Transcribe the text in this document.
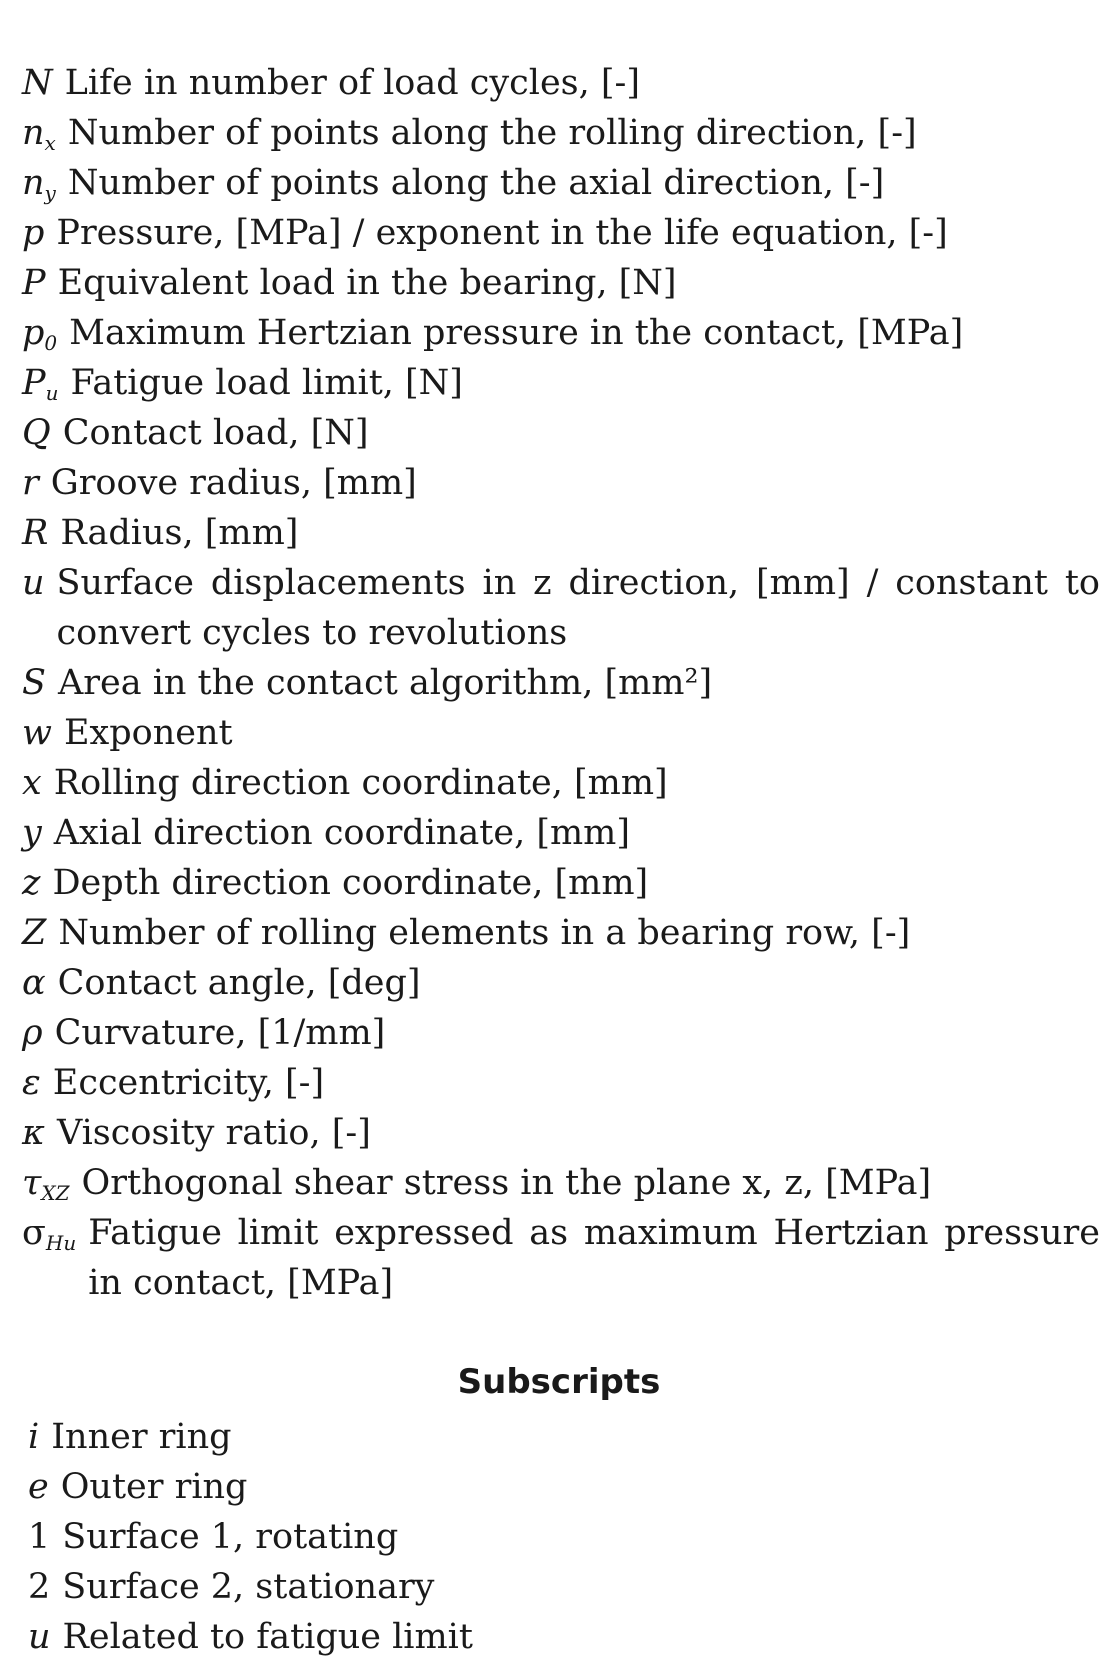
N Life in number of load cycles, [-]
$n_x$ Number of points along the rolling direction, [-]
$n_y$ Number of points along the axial direction, [-]
p Pressure, [MPa] / exponent in the life equation, [-]
P Equivalent load in the bearing, [N]
$p_0$ Maximum Hertzian pressure in the contact, [MPa]
$P_u$ Fatigue load limit, [N]
Q Contact load, [N]
r Groove radius, [mm]
R Radius, [mm]
u Surface displacements in z direction, [mm] / constant to convert cycles to revolutions
S Area in the contact algorithm, [mm²]
w Exponent
x Rolling direction coordinate, [mm]
y Axial direction coordinate, [mm]
z Depth direction coordinate, [mm]
Z Number of rolling elements in a bearing row, [-]
α Contact angle, [deg]
ρ Curvature, [1/mm]
ε Eccentricity, [-]
κ Viscosity ratio, [-]
$\tau_{XZ}$ Orthogonal shear stress in the plane x, z, [MPa]
$\sigma_{Hu}$ Fatigue limit expressed as maximum Hertzian pressure in contact, [MPa]
Subscripts
i Inner ring
e Outer ring
1 Surface 1, rotating
2 Surface 2, stationary
u Related to fatigue limit
